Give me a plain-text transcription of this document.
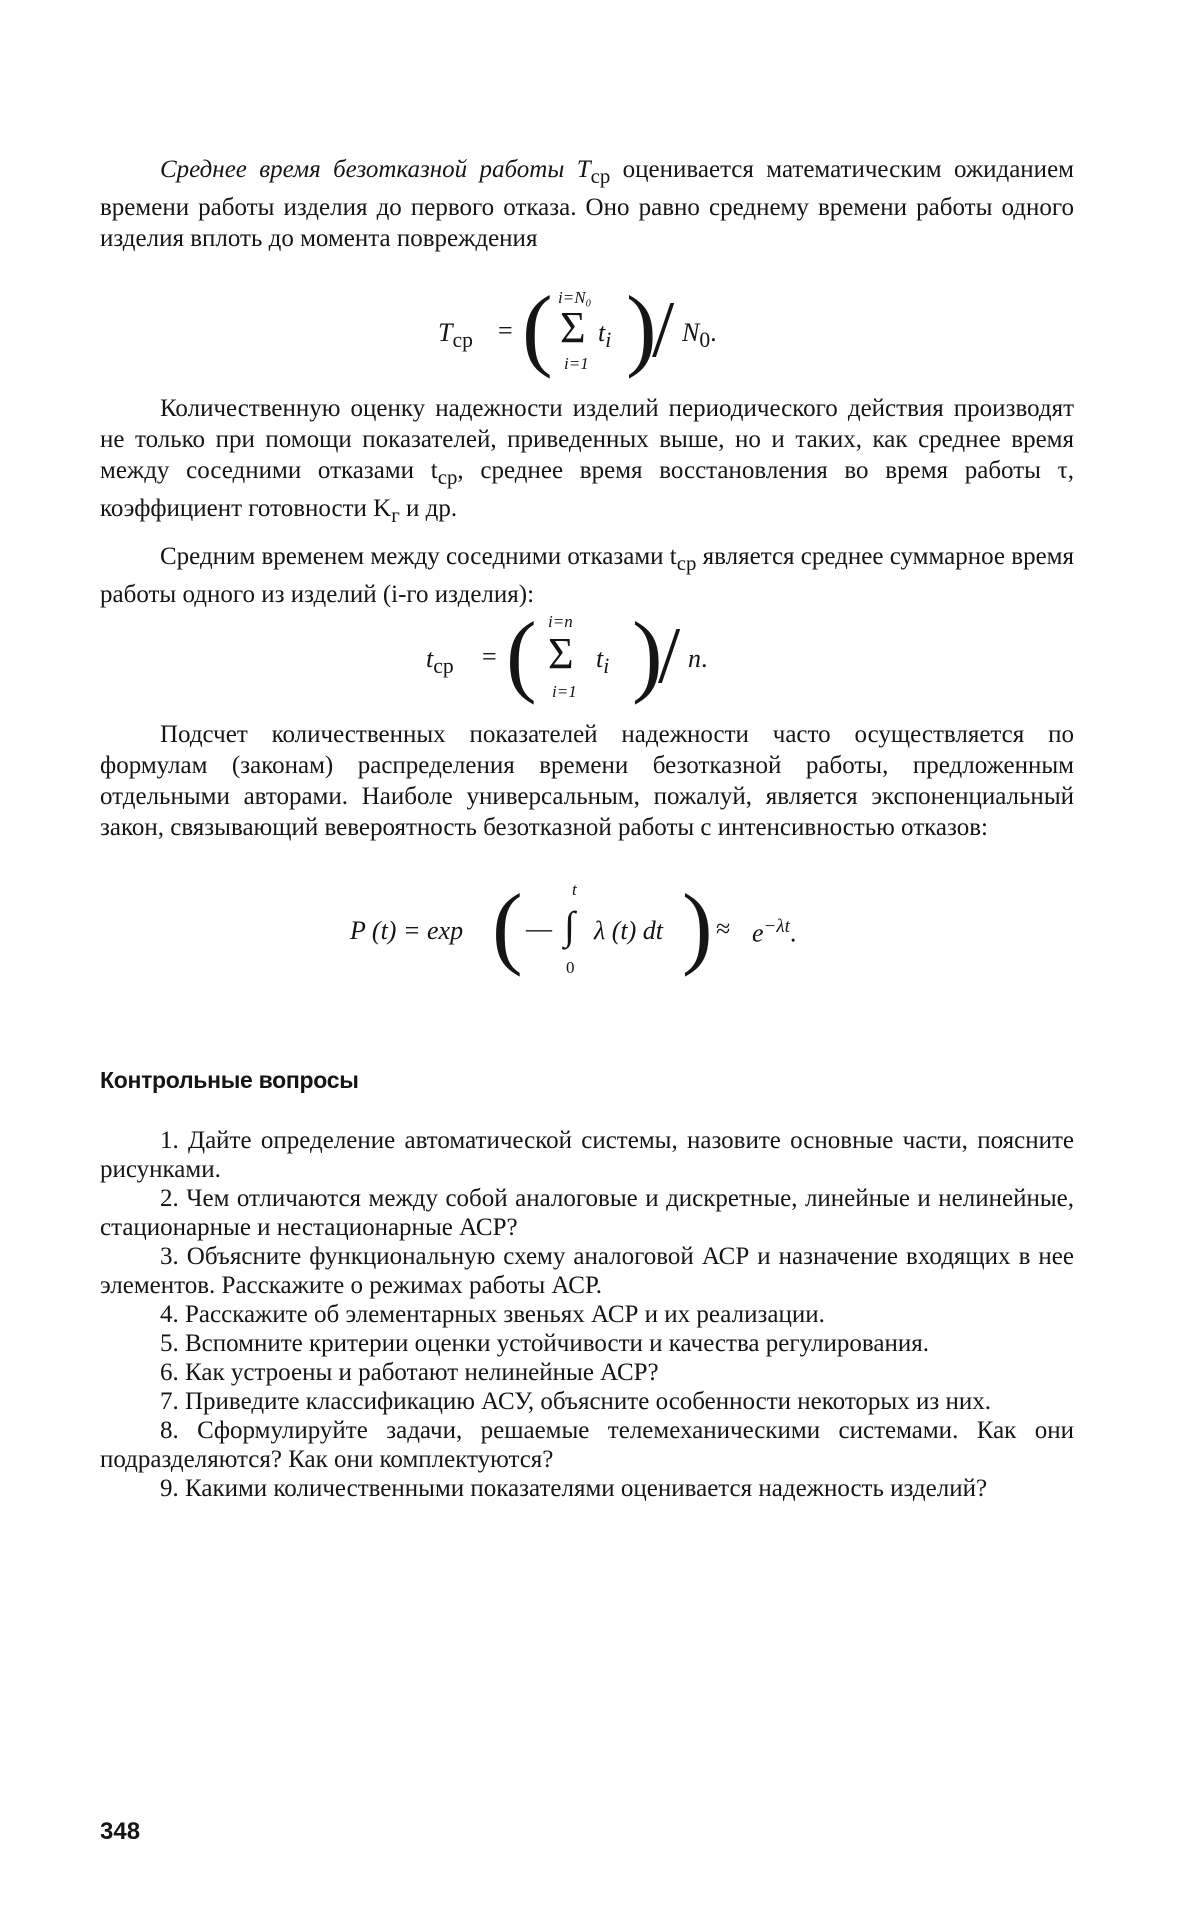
Среднее время безотказной работы $T_{ср}$ оценивается математическим ожиданием времени работы изделия до первого отказа. Оно равно среднему времени работы одного изделия вплоть до момента повреждения

$T_{ср}$ = ( i=N₀
Σ
i=1
$t_i$ )
/ $N_0$.

Количественную оценку надежности изделий периодического действия производят не только при помощи показателей, приведенных выше, но и таких, как среднее время между соседними отказами $t_{ср}$, среднее время восстановления во время работы τ, коэффициент готовности $K_г$ и др.

Средним временем между соседними отказами $t_{ср}$ является среднее суммарное время работы одного из изделий (i-го изделия):

$t_{ср}$ = ( i=n
Σ
i=1
$t_i$ )
/ n.

Подсчет количественных показателей надежности часто осуществляется по формулам (законам) распределения времени безотказной работы, предложенным отдельными авторами. Наиболе универсальным, пожалуй, является экспоненциальный закон, связывающий вевероятность безотказной работы с интенсивностью отказов:

P (t) = exp ( —
t
∫
0
λ (t) dt ) ≈ $e^{-\lambda t}$.
Контрольные вопросы

1. Дайте определение автоматической системы, назовите основные части, поясните рисунками.

2. Чем отличаются между собой аналоговые и дискретные, линейные и нелинейные, стационарные и нестационарные АСР?

3. Объясните функциональную схему аналоговой АСР и назначение входящих в нее элементов. Расскажите о режимах работы АСР.

4. Расскажите об элементарных звеньях АСР и их реализации.

5. Вспомните критерии оценки устойчивости и качества регулирования.

6. Как устроены и работают нелинейные АСР?

7. Приведите классификацию АСУ, объясните особенности некоторых из них.

8. Сформулируйте задачи, решаемые телемеханическими системами. Как они подразделяются? Как они комплектуются?

9. Какими количественными показателями оценивается надежность изделий?

348
